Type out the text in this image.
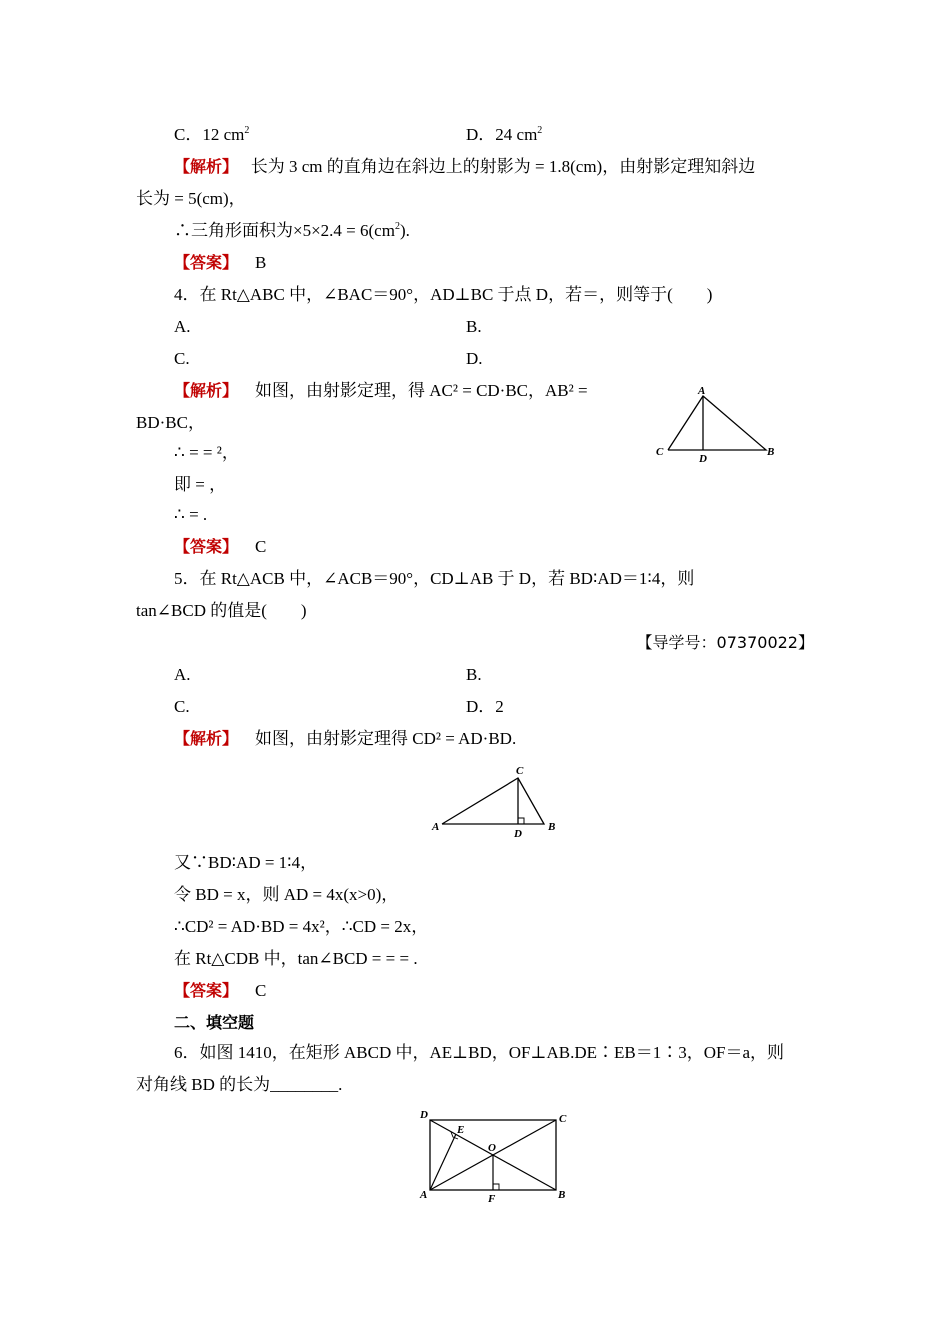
C．12 $cm^2$	D．24 $cm^2$
【解析】 长为 3 cm 的直角边在斜边上的射影为 = 1.8(cm)，由射影定理知斜边
长为 = 5(cm)，
∴三角形面积为$\times 5\times 2.4 = 6(cm^2)$.
【答案】 B
4．在 Rt△ABC 中，∠BAC＝90°，AD⊥BC 于点 D，若＝，则等于(　　)
A.	B.
C.	D.
【解析】 如图，由射影定理，得 AC² = CD·BC，AB² =
BD·BC，
∴ = = ²，
即 = ，
∴ = .
【答案】 C
A
C
D
B
5．在 Rt△ACB 中，∠ACB＝90°，CD⊥AB 于 D，若 BD∶AD＝1∶4，则
tan∠BCD 的值是(　　)
【导学号：07370022】
A.	B.
C.	D．2
【解析】 如图，由射影定理得 CD² = AD·BD.
C
A
D
B
又∵BD∶AD = 1∶4，
令 BD = x，则 AD = 4x(x>0)，
∴CD² = AD·BD = 4x²，∴CD = 2x，
在 Rt△CDB 中，tan∠BCD = = = .
【答案】 C
二、填空题
6．如图 1410，在矩形 ABCD 中，AE⊥BD，OF⊥AB.DE∶EB＝1∶3，OF＝a，则
对角线 BD 的长为________.
D	C
E
O
A	F	B
